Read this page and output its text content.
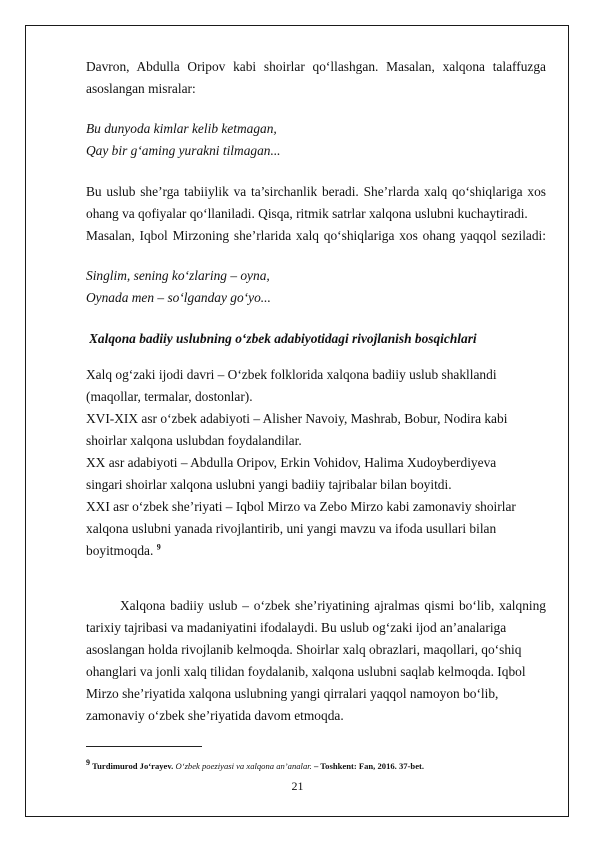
Davron, Abdulla Oripov kabi shoirlar qo‘llashgan. Masalan, xalqona talaffuzga
asoslangan misralar:
Bu dunyoda kimlar kelib ketmagan,
Qay bir g‘aming yurakni tilmagan...
Bu uslub she’rga tabiiylik va ta’sirchanlik beradi. She’rlarda xalq qo‘shiqlariga xos
ohang va qofiyalar qo‘llaniladi. Qisqa, ritmik satrlar xalqona uslubni kuchaytiradi.
Masalan, Iqbol Mirzoning she’rlarida xalq qo‘shiqlariga xos ohang yaqqol seziladi:
Singlim, sening ko‘zlaring – oyna,
Oynada men – so‘lganday go‘yo...
Xalqona badiiy uslubning o‘zbek adabiyotidagi rivojlanish bosqichlari
Xalq og‘zaki ijodi davri – O‘zbek folklorida xalqona badiiy uslub shakllandi
(maqollar, termalar, dostonlar).
XVI-XIX asr o‘zbek adabiyoti – Alisher Navoiy, Mashrab, Bobur, Nodira kabi
shoirlar xalqona uslubdan foydalandilar.
XX asr adabiyoti – Abdulla Oripov, Erkin Vohidov, Halima Xudoyberdiyeva
singari shoirlar xalqona uslubni yangi badiiy tajribalar bilan boyitdi.
XXI asr o‘zbek she’riyati – Iqbol Mirzo va Zebo Mirzo kabi zamonaviy shoirlar
xalqona uslubni yanada rivojlantirib, uni yangi mavzu va ifoda usullari bilan
boyitmoqda. $^9$
Xalqona badiiy uslub – o‘zbek she’riyatining ajralmas qismi bo‘lib, xalqning
tarixiy tajribasi va madaniyatini ifodalaydi. Bu uslub og‘zaki ijod an’analariga
asoslangan holda rivojlanib kelmoqda. Shoirlar xalq obrazlari, maqollari, qo‘shiq
ohanglari va jonli xalq tilidan foydalanib, xalqona uslubni saqlab kelmoqda. Iqbol
Mirzo she’riyatida xalqona uslubning yangi qirralari yaqqol namoyon bo‘lib,
zamonaviy o‘zbek she’riyatida davom etmoqda.
$^9$ Turdimurod Jo‘rayev. O‘zbek poeziyasi va xalqona an’analar. – Toshkent: Fan, 2016. 37-bet.
21
